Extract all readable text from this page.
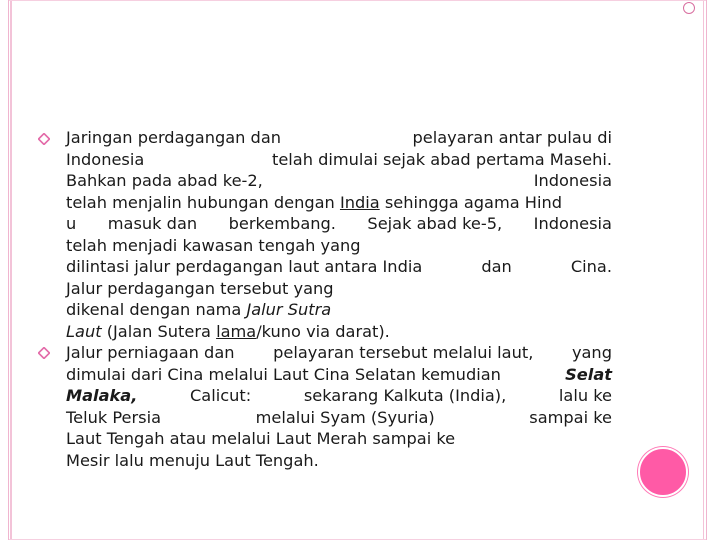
Jaringan perdagangan dan	pelayaran antar pulau di
Indonesia	telah dimulai sejak abad pertama Masehi.
Bahkan pada abad ke-2,	Indonesia
telah menjalin hubungan dengan India sehingga agama Hind
u masuk dan berkembang. Sejak abad ke-5, Indonesia
telah menjadi kawasan tengah yang
dilintasi jalur perdagangan laut antara India	dan	Cina.
Jalur perdagangan tersebut yang
dikenal dengan nama Jalur Sutra
Laut (Jalan Sutera lama /kuno via darat).
Jalur perniagaan dan pelayaran tersebut melalui laut, yang
dimulai dari Cina melalui Laut Cina Selatan kemudian	Selat
Malaka,	Calicut:	sekarang Kalkuta (India),	lalu ke
Teluk Persia	melalui Syam (Syuria)	sampai ke
Laut Tengah atau melalui Laut Merah sampai ke
Mesir lalu menuju Laut Tengah.
